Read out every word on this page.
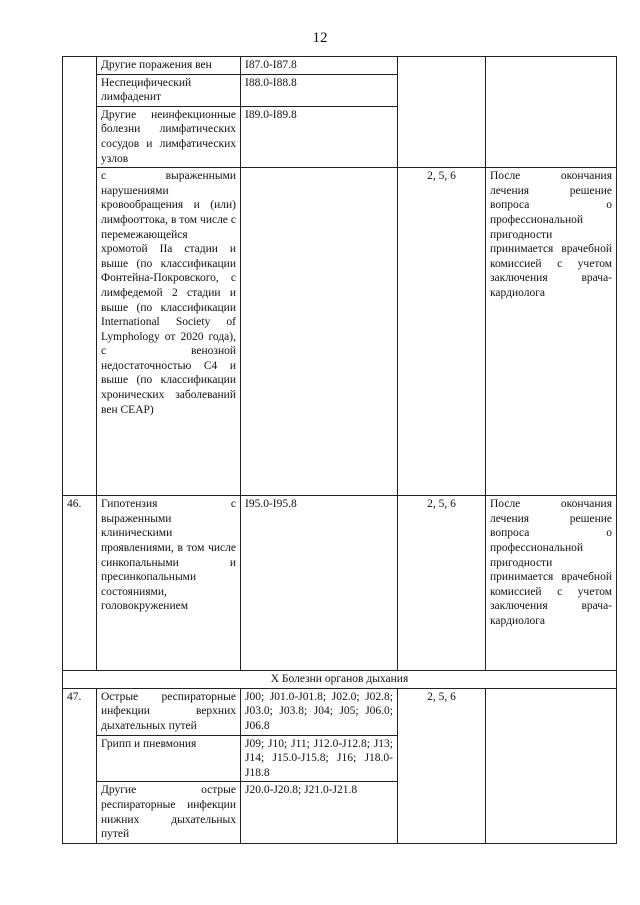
12
	Другие поражения вен	I87.0-I87.8		
	Неспецифический лимфаденит	I88.0-I88.8		
	Другие неинфекционные болезни лимфатических сосудов и лимфатических узлов	I89.0-I89.8		
	с выраженными нарушениями кровообращения и (или) лимфооттока, в том числе с перемежающейся хромотой IIа стадии и выше (по классификации Фонтейна-Покровского, с лимфедемой 2 стадии и выше (по классификации International Society of Lymphology от 2020 года), с венозной недостаточностью С4 и выше (по классификации хронических заболеваний вен CEAP)		2, 5, 6	После окончания лечения решение вопроса о профессиональной пригодности принимается врачебной комиссией с учетом заключения врача-кардиолога
46.	Гипотензия с выраженными клиническими проявлениями, в том числе синкопальными и пресинкопальными состояниями, головокружением	I95.0-I95.8	2, 5, 6	После окончания лечения решение вопроса о профессиональной пригодности принимается врачебной комиссией с учетом заключения врача-кардиолога
X Болезни органов дыхания				
47.	Острые респираторные инфекции верхних дыхательных путей	J00; J01.0-J01.8; J02.0; J02.8; J03.0; J03.8; J04; J05; J06.0; J06.8	2, 5, 6	
	Грипп и пневмония	J09; J10; J11; J12.0-J12.8; J13; J14; J15.0-J15.8; J16; J18.0-J18.8		
	Другие острые респираторные инфекции нижних дыхательных путей	J20.0-J20.8; J21.0-J21.8		
